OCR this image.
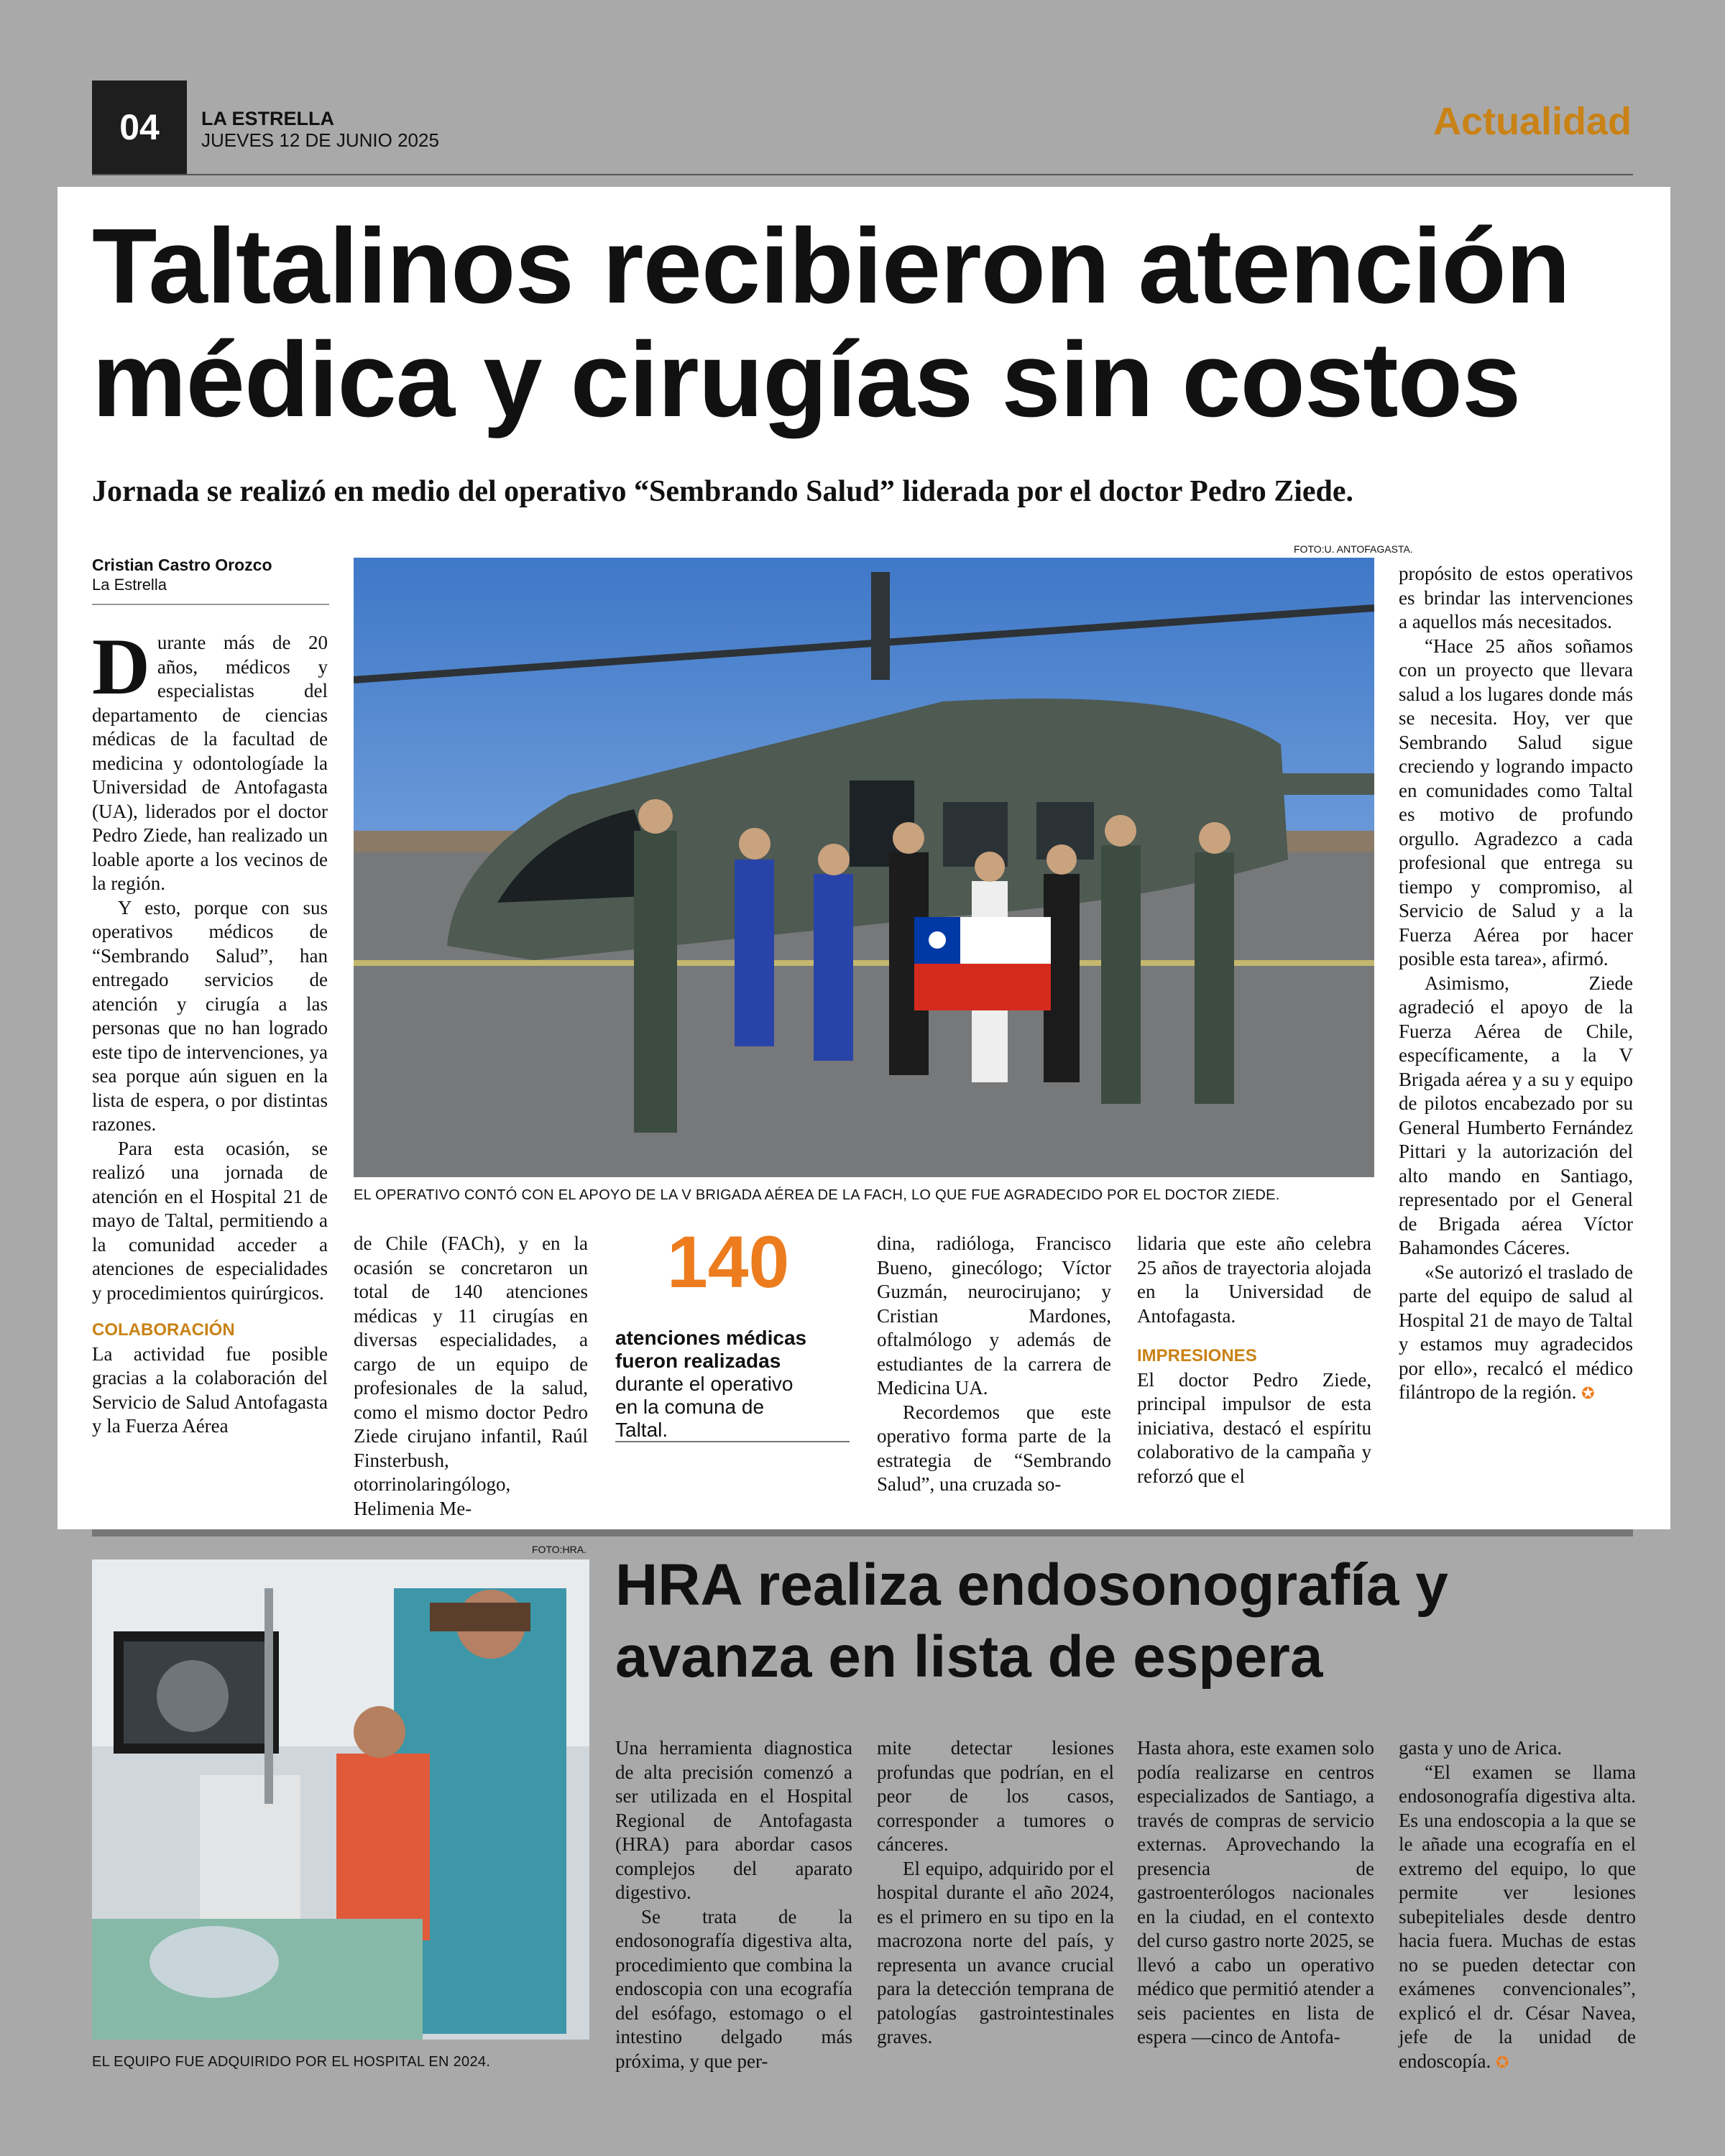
04	LA ESTRELLA
JUEVES 12 DE JUNIO 2025	Actualidad
Taltalinos recibieron atención médica y cirugías sin costos
Jornada se realizó en medio del operativo “Sembrando Salud” liderada por el doctor Pedro Ziede.
Cristian Castro Orozco
La Estrella

Durante más de 20 años, médicos y especialistas del departamento de ciencias médicas de la facultad de medicina y odontologíade la Universidad de Antofagasta (UA), liderados por el doctor Pedro Ziede, han realizado un loable aporte a los vecinos de la región.

Y esto, porque con sus operativos médicos de “Sembrando Salud”, han entregado servicios de atención y cirugía a las personas que no han logrado este tipo de intervenciones, ya sea porque aún siguen en la lista de espera, o por distintas razones.

Para esta ocasión, se realizó una jornada de atención en el Hospital 21 de mayo de Taltal, permitiendo a la comunidad acceder a atenciones de especialidades y procedimientos quirúrgicos.

COLABORACIÓN

La actividad fue posible gracias a la colaboración del Servicio de Salud Antofagasta y la Fuerza Aérea

FOTO:U. ANTOFAGASTA.
EL OPERATIVO CONTÓ CON EL APOYO DE LA V BRIGADA AÉREA DE LA FACH, LO QUE FUE AGRADECIDO POR EL DOCTOR ZIEDE.

de Chile (FACh), y en la ocasión se concretaron un total de 140 atenciones médicas y 11 cirugías en diversas especialidades, a cargo de un equipo de profesionales de la salud, como el mismo doctor Pedro Ziede cirujano infantil, Raúl Finsterbush, otorrinolaringólogo, Helimenia Me-

140
atenciones médicas fueron realizadas durante el operativo en la comuna de Taltal.

dina, radióloga, Francisco Bueno, ginecólogo; Víctor Guzmán, neurocirujano; y Cristian Mardones, oftalmólogo y además de estudiantes de la carrera de Medicina UA.

Recordemos que este operativo forma parte de la estrategia de “Sembrando Salud”, una cruzada so-

lidaria que este año celebra 25 años de trayectoria alojada en la Universidad de Antofagasta.

IMPRESIONES

El doctor Pedro Ziede, principal impulsor de esta iniciativa, destacó el espíritu colaborativo de la campaña y reforzó que el

propósito de estos operativos es brindar las intervenciones a aquellos más necesitados.

“Hace 25 años soñamos con un proyecto que llevara salud a los lugares donde más se necesita. Hoy, ver que Sembrando Salud sigue creciendo y logrando impacto en comunidades como Taltal es motivo de profundo orgullo. Agradezco a cada profesional que entrega su tiempo y compromiso, al Servicio de Salud y a la Fuerza Aérea por hacer posible esta tarea», afirmó.

Asimismo, Ziede agradeció el apoyo de la Fuerza Aérea de Chile, específicamente, a la V Brigada aérea y a su y equipo de pilotos encabezado por su General Humberto Fernández Pittari y la autorización del alto mando en Santiago, representado por el General de Brigada aérea Víctor Bahamondes Cáceres.

«Se autorizó el traslado de parte del equipo de salud al Hospital 21 de mayo de Taltal y estamos muy agradecidos por ello», recalcó el médico filántropo de la región. ✪

FOTO:HRA.
EL EQUIPO FUE ADQUIRIDO POR EL HOSPITAL EN 2024.
HRA realiza endosonografía y avanza en lista de espera

Una herramienta diagnostica de alta precisión comenzó a ser utilizada en el Hospital Regional de Antofagasta (HRA) para abordar casos complejos del aparato digestivo.

Se trata de la endosonografía digestiva alta, procedimiento que combina la endoscopia con una ecografía del esófago, estomago o el intestino delgado más próxima, y que per-

mite detectar lesiones profundas que podrían, en el peor de los casos, corresponder a tumores o cánceres.

El equipo, adquirido por el hospital durante el año 2024, es el primero en su tipo en la macrozona norte del país, y representa un avance crucial para la detección temprana de patologías gastrointestinales graves.

Hasta ahora, este examen solo podía realizarse en centros especializados de Santiago, a través de compras de servicio externas. Aprovechando la presencia de gastroenterólogos nacionales en la ciudad, en el contexto del curso gastro norte 2025, se llevó a cabo un operativo médico que permitió atender a seis pacientes en lista de espera —cinco de Antofa-

gasta y uno de Arica.

“El examen se llama endosonografía digestiva alta. Es una endoscopia a la que se le añade una ecografía en el extremo del equipo, lo que permite ver lesiones subepiteliales desde dentro hacia fuera. Muchas de estas no se pueden detectar con exámenes convencionales”, explicó el dr. César Navea, jefe de la unidad de endoscopía. ✪
